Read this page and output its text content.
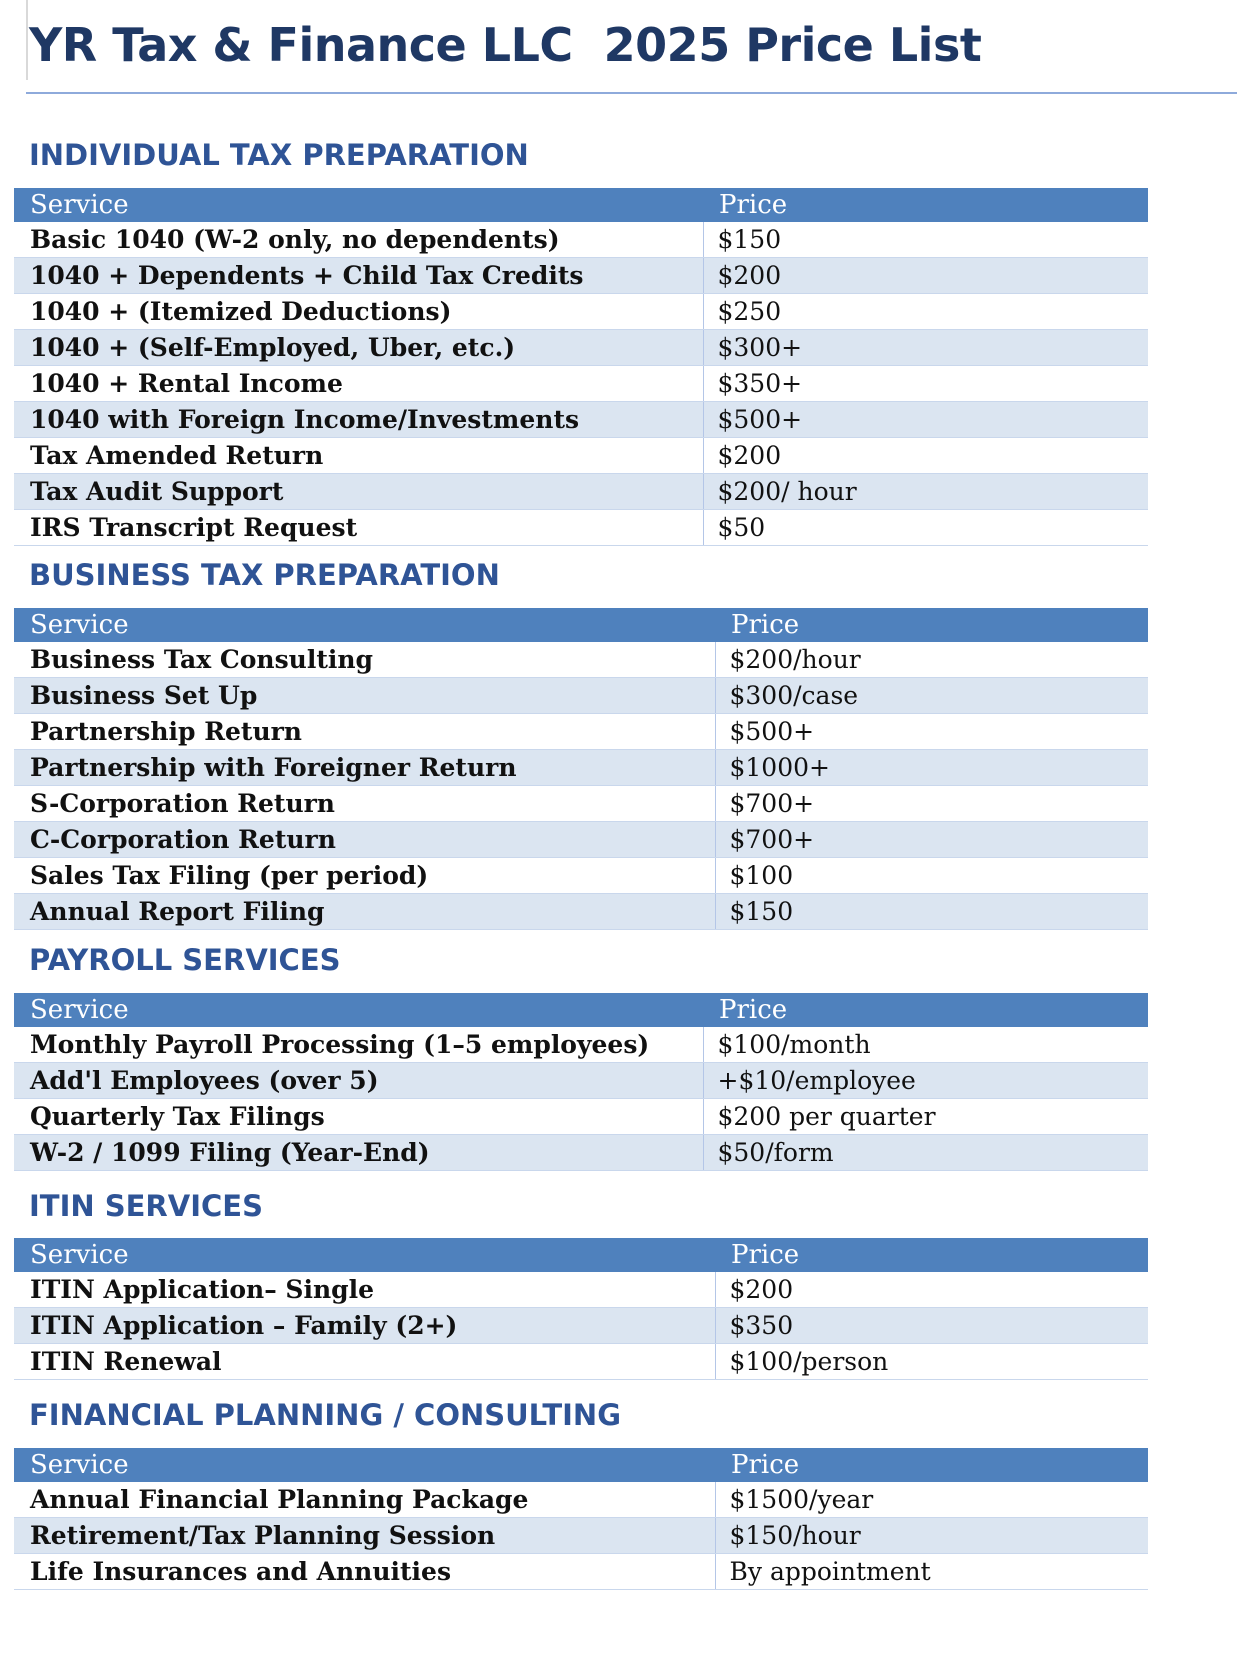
YR Tax & Finance LLC  2025 Price List
INDIVIDUAL TAX PREPARATION
Service	Price
Basic 1040 (W-2 only, no dependents)	$150
1040 + Dependents + Child Tax Credits	$200
1040 + (Itemized Deductions)	$250
1040 + (Self-Employed, Uber, etc.)	$300+
1040 + Rental Income	$350+
1040 with Foreign Income/Investments	$500+
Tax Amended Return	$200
Tax Audit Support	$200/ hour
IRS Transcript Request	$50
BUSINESS TAX PREPARATION
Service	Price
Business Tax Consulting	$200/hour
Business Set Up	$300/case
Partnership Return	$500+
Partnership with Foreigner Return	$1000+
S-Corporation Return	$700+
C-Corporation Return	$700+
Sales Tax Filing (per period)	$100
Annual Report Filing	$150
PAYROLL SERVICES
Service	Price
Monthly Payroll Processing (1–5 employees)	$100/month
Add'l Employees (over 5)	+$10/employee
Quarterly Tax Filings	$200 per quarter
W-2 / 1099 Filing (Year-End)	$50/form
ITIN SERVICES
Service	Price
ITIN Application– Single	$200
ITIN Application – Family (2+)	$350
ITIN Renewal	$100/person
FINANCIAL PLANNING / CONSULTING
Service	Price
Annual Financial Planning Package	$1500/year
Retirement/Tax Planning Session	$150/hour
Life Insurances and Annuities	By appointment
